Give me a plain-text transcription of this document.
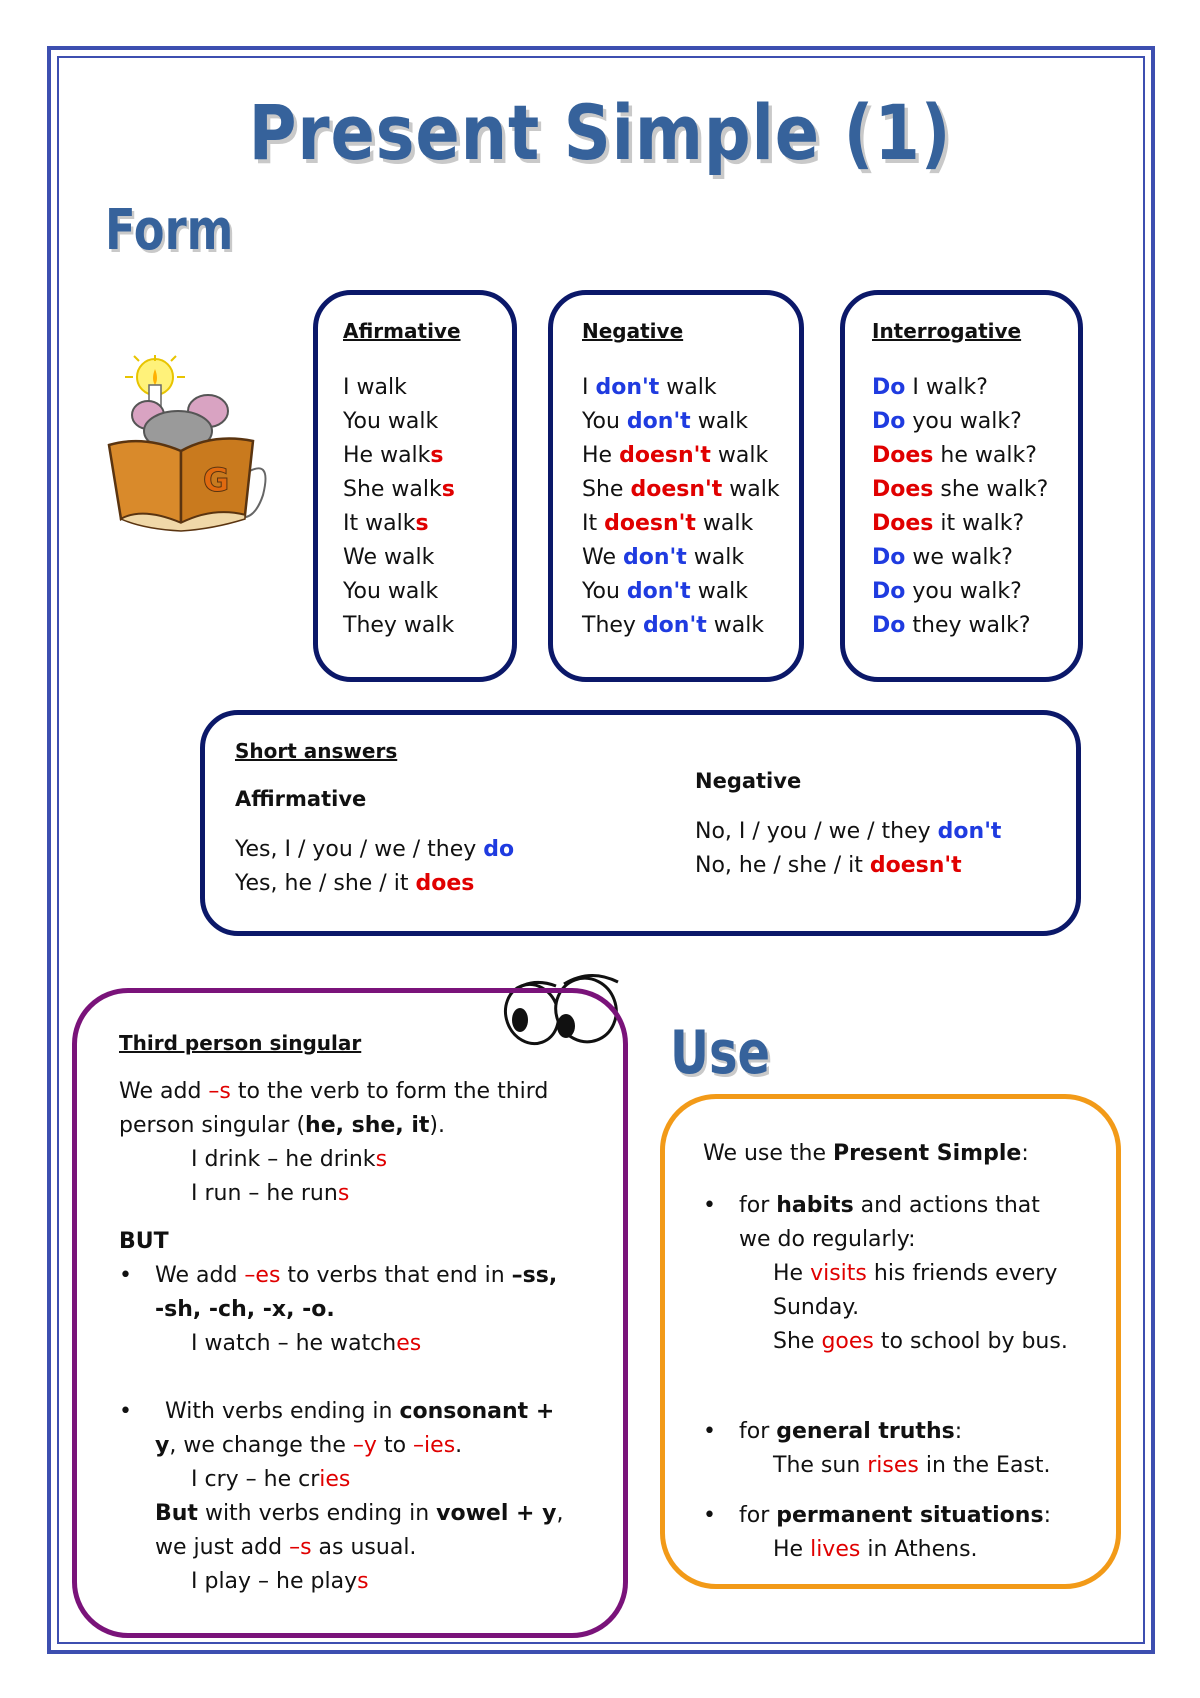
Present Simple (1)
Form
G
Afirmative
I walk
You walk
He walks
She walks
It walks
We walk
You walk
They walk
Negative
I don't walk
You don't walk
He doesn't walk
She doesn't walk
It doesn't walk
We don't walk
You don't walk
They don't walk
Interrogative
Do I walk?
Do you walk?
Does he walk?
Does she walk?
Does it walk?
Do we walk?
Do you walk?
Do they walk?
Short answers
Affirmative
Yes, I / you / we / they do
Yes, he / she / it does
Negative
No, I / you / we / they don't
No, he / she / it doesn't
Third person singular
We add –s to the verb to form the third
person singular (he, she, it).
I drink – he drinks
I run – he runs
BUT
• We add –es to verbs that end in –ss,
-sh, -ch, -x, -o.
I watch – he watches
• With verbs ending in consonant +
y, we change the –y to –ies.
I cry – he cries
But with verbs ending in vowel + y,
we just add –s as usual.
I play – he plays
Use
We use the Present Simple:
• for habits and actions that
we do regularly:
He visits his friends every
Sunday.
She goes to school by bus.
• for general truths:
The sun rises in the East.
• for permanent situations:
He lives in Athens.
